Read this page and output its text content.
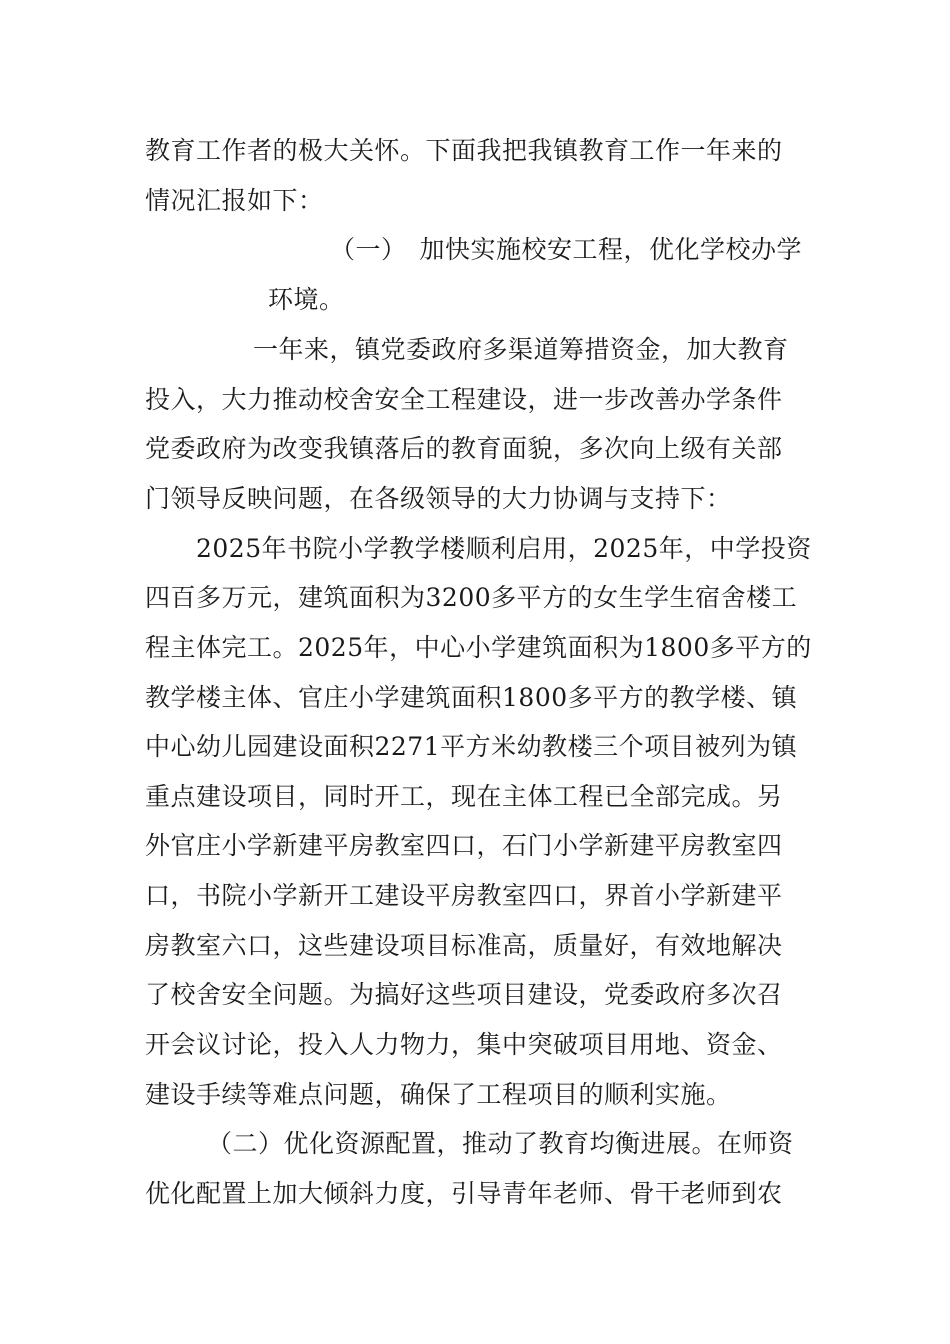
教育工作者的极大关怀。下面我把我镇教育工作一年来的
情况汇报如下：
（一）　加快实施校安工程，优化学校办学
环境。
一年来，镇党委政府多渠道筹措资金，加大教育
投入，大力推动校舍安全工程建设，进一步改善办学条件
党委政府为改变我镇落后的教育面貌，多次向上级有关部
门领导反映问题，在各级领导的大力协调与支持下：
2025年书院小学教学楼顺利启用，2025年，中学投资
四百多万元，建筑面积为3200多平方的女生学生宿舍楼工
程主体完工。2025年，中心小学建筑面积为1800多平方的
教学楼主体、官庄小学建筑面积1800多平方的教学楼、镇
中心幼儿园建设面积2271平方米幼教楼三个项目被列为镇
重点建设项目，同时开工，现在主体工程已全部完成。另
外官庄小学新建平房教室四口，石门小学新建平房教室四
口，书院小学新开工建设平房教室四口，界首小学新建平
房教室六口，这些建设项目标准高，质量好，有效地解决
了校舍安全问题。为搞好这些项目建设，党委政府多次召
开会议讨论，投入人力物力，集中突破项目用地、资金、
建设手续等难点问题，确保了工程项目的顺利实施。
（二）优化资源配置，推动了教育均衡进展。在师资
优化配置上加大倾斜力度，引导青年老师、骨干老师到农
